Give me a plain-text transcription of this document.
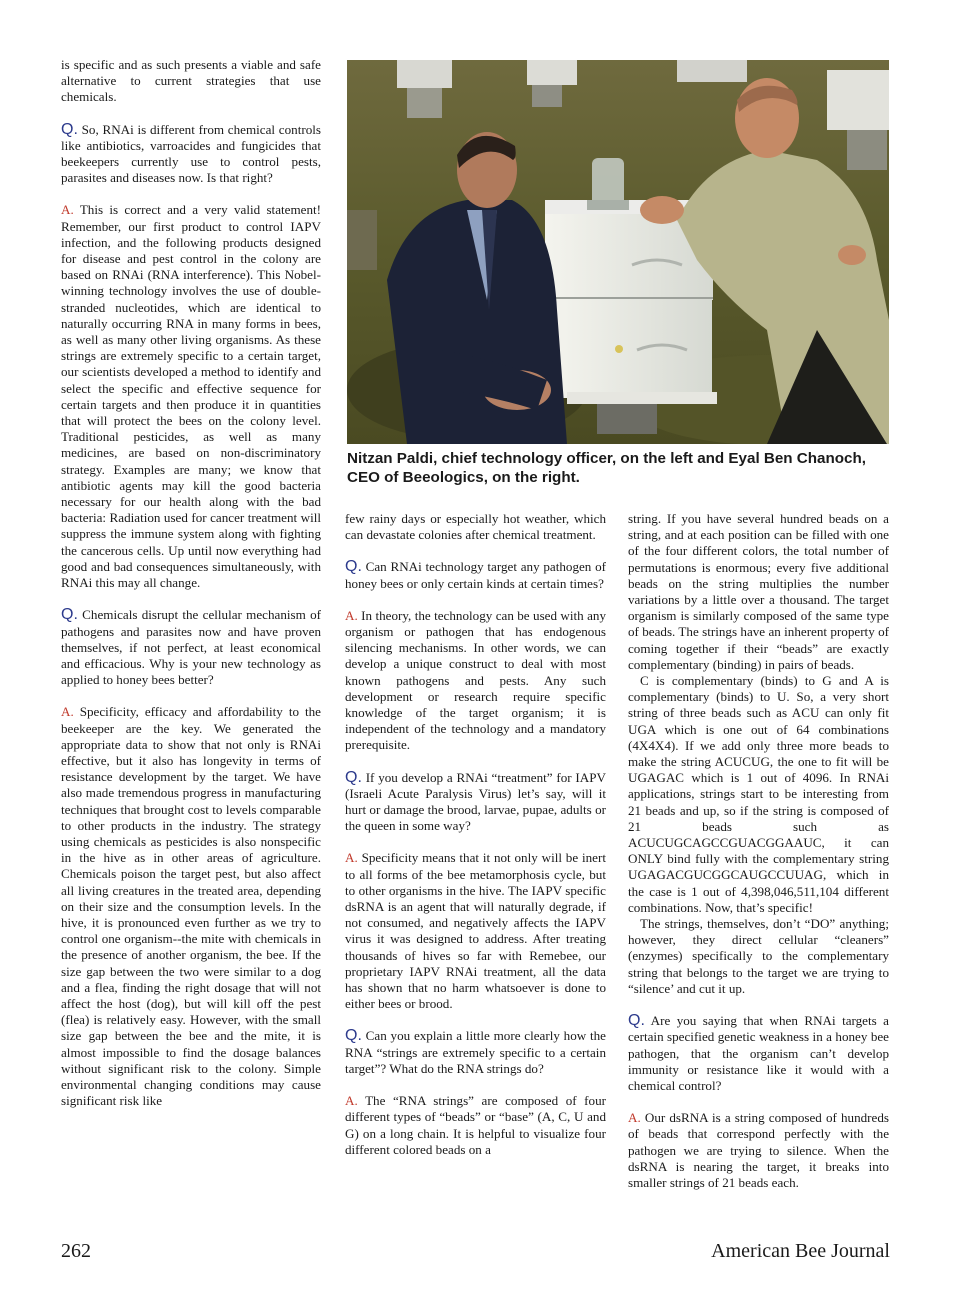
is specific and as such presents a viable and safe alternative to current strategies that use chemicals.

Q. So, RNAi is different from chemical controls like antibiotics, varroacides and fungicides that beekeepers currently use to control pests, parasites and diseases now. Is that right?

A. This is correct and a very valid statement! Remember, our first product to control IAPV infection, and the following products designed for disease and pest control in the colony are based on RNAi (RNA interference). This Nobel-winning technology involves the use of double-stranded nucleotides, which are identical to naturally occurring RNA in many forms in bees, as well as many other living organisms. As these strings are extremely specific to a certain target, our scientists developed a method to identify and select the specific and effective sequence for certain targets and then produce it in quantities that will protect the bees on the colony level. Traditional pesticides, as well as many medicines, are based on non-discriminatory strategy. Examples are many; we know that antibiotic agents may kill the good bacteria necessary for our health along with the bad bacteria: Radiation used for cancer treatment will suppress the immune system along with fighting the cancerous cells. Up until now everything had good and bad consequences simultaneously, with RNAi this may all change.

Q. Chemicals disrupt the cellular mechanism of pathogens and parasites now and have proven themselves, if not perfect, at least economical and efficacious. Why is your new technology as applied to honey bees better?

A. Specificity, efficacy and affordability to the beekeeper are the key. We generated the appropriate data to show that not only is RNAi effective, but it also has longevity in terms of resistance development by the target. We have also made tremendous progress in manufacturing techniques that brought cost to levels comparable to other products in the industry. The strategy using chemicals as pesticides is also nonspecific in the hive as in other areas of agriculture. Chemicals poison the target pest, but also affect all living creatures in the treated area, depending on their size and the consumption levels. In the hive, it is pronounced even further as we try to control one organism--the mite with chemicals in the presence of another organism, the bee. If the size gap between the two were similar to a dog and a flea, finding the right dosage that will not affect the host (dog), but will kill off the pest (flea) is relatively easy. However, with the small size gap between the bee and the mite, it is almost impossible to find the dosage balances without significant risk to the colony. Simple environmental changing conditions may cause significant risk like

Nitzan Paldi, chief technology officer, on the left and Eyal Ben Chanoch, CEO of Beeologics, on the right.

few rainy days or especially hot weather, which can devastate colonies after chemical treatment.

Q. Can RNAi technology target any pathogen of honey bees or only certain kinds at certain times?

A. In theory, the technology can be used with any organism or pathogen that has endogenous silencing mechanisms. In other words, we can develop a unique construct to deal with most known pathogens and pests. Any such development or research require specific knowledge of the target organism; it is independent of the technology and a mandatory prerequisite.

Q. If you develop a RNAi “treatment” for IAPV (Israeli Acute Paralysis Virus) let’s say, will it hurt or damage the brood, larvae, pupae, adults or the queen in some way?

A. Specificity means that it not only will be inert to all forms of the bee metamorphosis cycle, but to other organisms in the hive. The IAPV specific dsRNA is an agent that will naturally degrade, if not consumed, and negatively affects the IAPV virus it was designed to address. After treating thousands of hives so far with Remebee, our proprietary IAPV RNAi treatment, all the data has shown that no harm whatsoever is done to either bees or brood.

Q. Can you explain a little more clearly how the RNA “strings are extremely specific to a certain target”? What do the RNA strings do?

A. The “RNA strings” are composed of four different types of “beads” or “base” (A, C, U and G) on a long chain. It is helpful to visualize four different colored beads on a

string. If you have several hundred beads on a string, and at each position can be filled with one of the four different colors, the total number of permutations is enormous; every five additional beads on the string multiplies the number variations by a little over a thousand. The target organism is similarly composed of the same type of beads. The strings have an inherent property of coming together if their “beads” are exactly complementary (binding) in pairs of beads.

C is complementary (binds) to G and A is complementary (binds) to U. So, a very short string of three beads such as ACU can only fit UGA which is one out of 64 combinations (4X4X4). If we add only three more beads to make the string ACUCUG, the one to fit will be UGAGAC which is 1 out of 4096. In RNAi applications, strings start to be interesting from 21 beads and up, so if the string is composed of 21 beads such as ACUCUGCAGCCGUACGGAAUC, it can ONLY bind fully with the complementary string UGAGACGUCGGCAUGCCUUAG, which in the case is 1 out of 4,398,046,511,104 different combinations. Now, that’s specific!

The strings, themselves, don’t “DO” anything; however, they direct cellular “cleaners” (enzymes) specifically to the complementary string that belongs to the target we are trying to “silence’ and cut it up.

Q. Are you saying that when RNAi targets a certain specified genetic weakness in a honey bee pathogen, that the organism can’t develop immunity or resistance like it would with a chemical control?

A. Our dsRNA is a string composed of hundreds of beads that correspond perfectly with the pathogen we are trying to silence. When the dsRNA is nearing the target, it breaks into smaller strings of 21 beads each.

262	American Bee Journal
